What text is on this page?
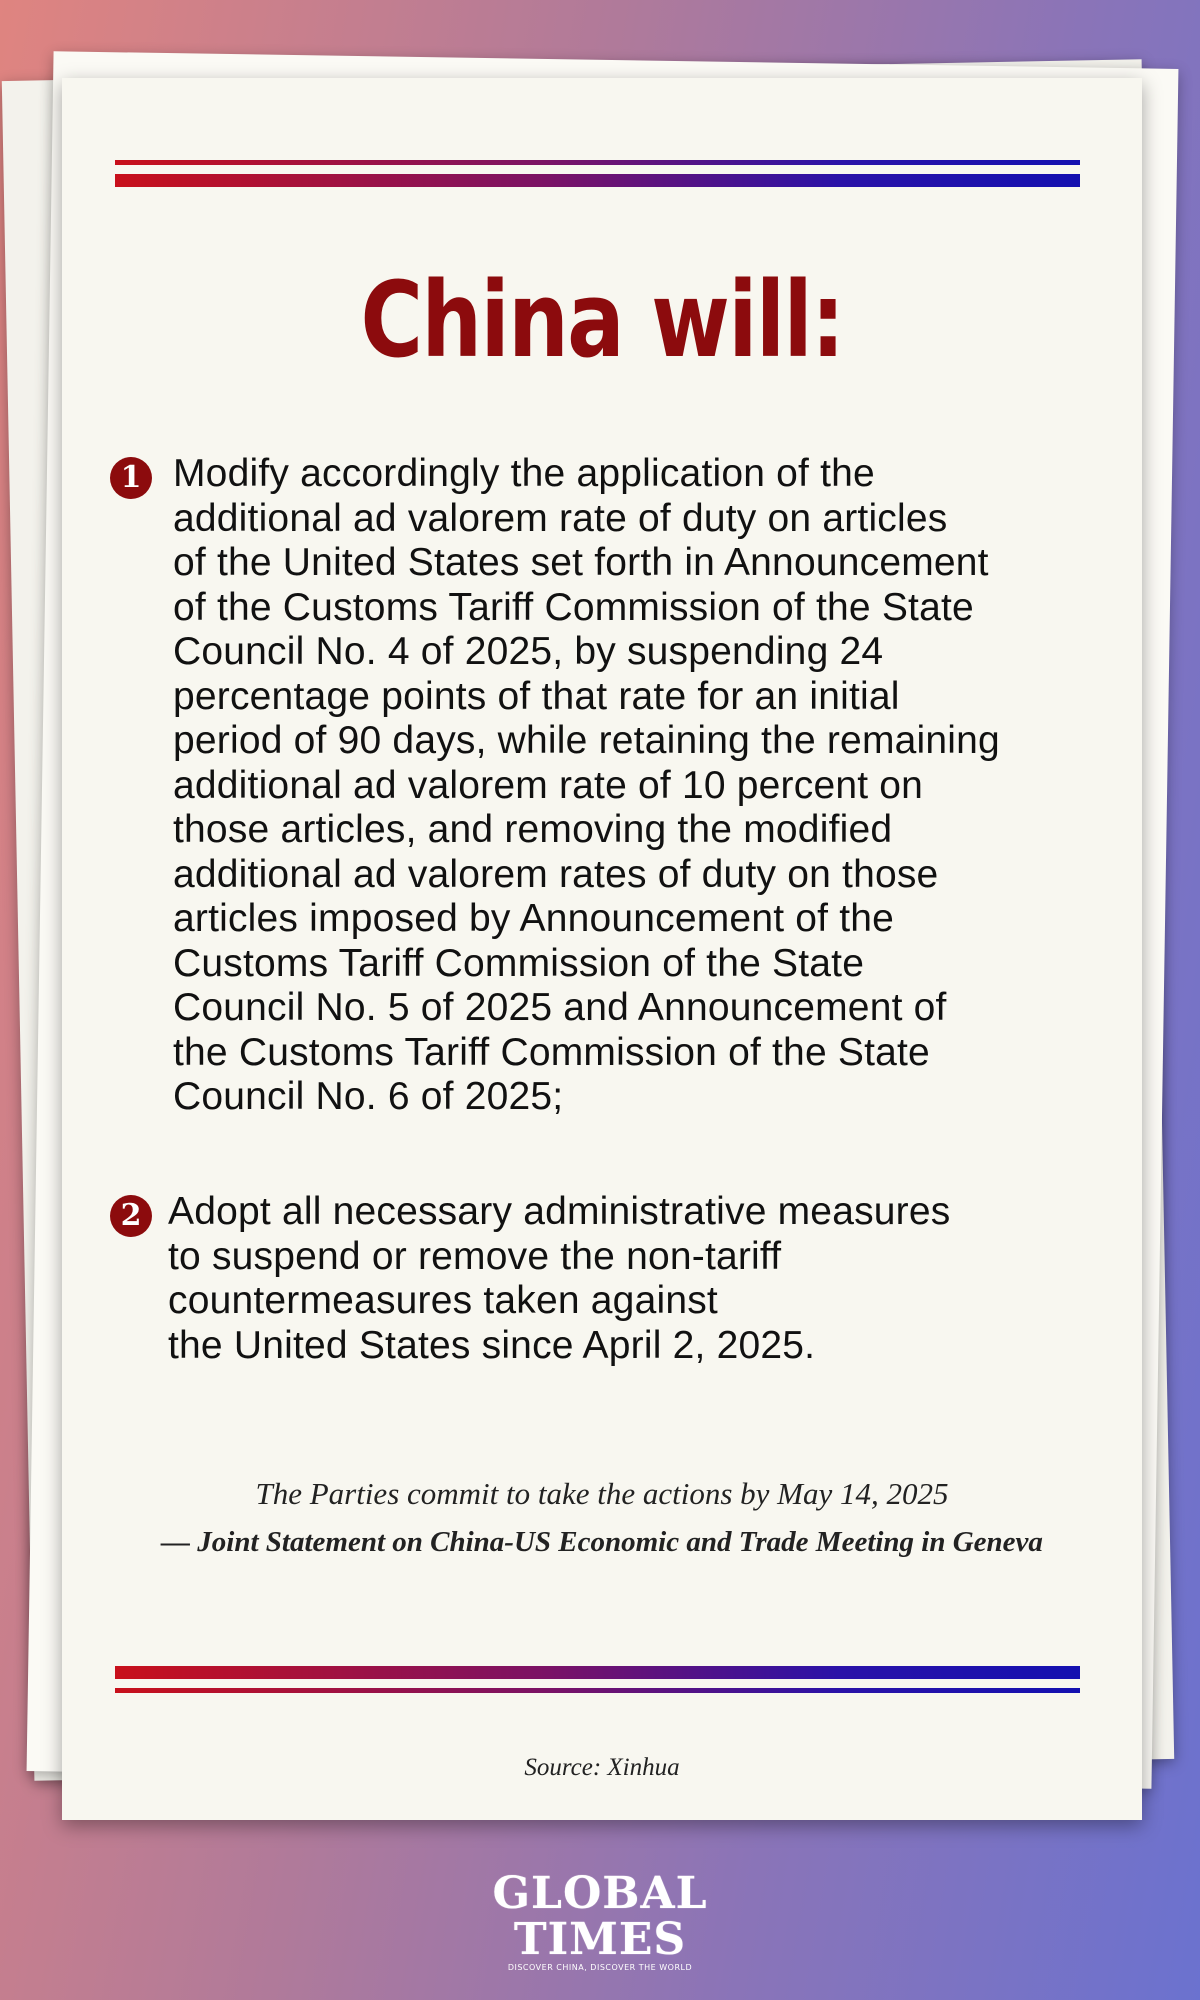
China will:
1 Modify accordingly the application of the
additional ad valorem rate of duty on articles
of the United States set forth in Announcement
of the Customs Tariff Commission of the State
Council No. 4 of 2025, by suspending 24
percentage points of that rate for an initial
period of 90 days, while retaining the remaining
additional ad valorem rate of 10 percent on
those articles, and removing the modified
additional ad valorem rates of duty on those
articles imposed by Announcement of the
Customs Tariff Commission of the State
Council No. 5 of 2025 and Announcement of
the Customs Tariff Commission of the State
Council No. 6 of 2025;
2 Adopt all necessary administrative measures
to suspend or remove the non-tariff
countermeasures taken against
the United States since April 2, 2025.
The Parties commit to take the actions by May 14, 2025
— Joint Statement on China-US Economic and Trade Meeting in Geneva
Source: Xinhua
GLOBAL
TIMES
DISCOVER CHINA, DISCOVER THE WORLD
